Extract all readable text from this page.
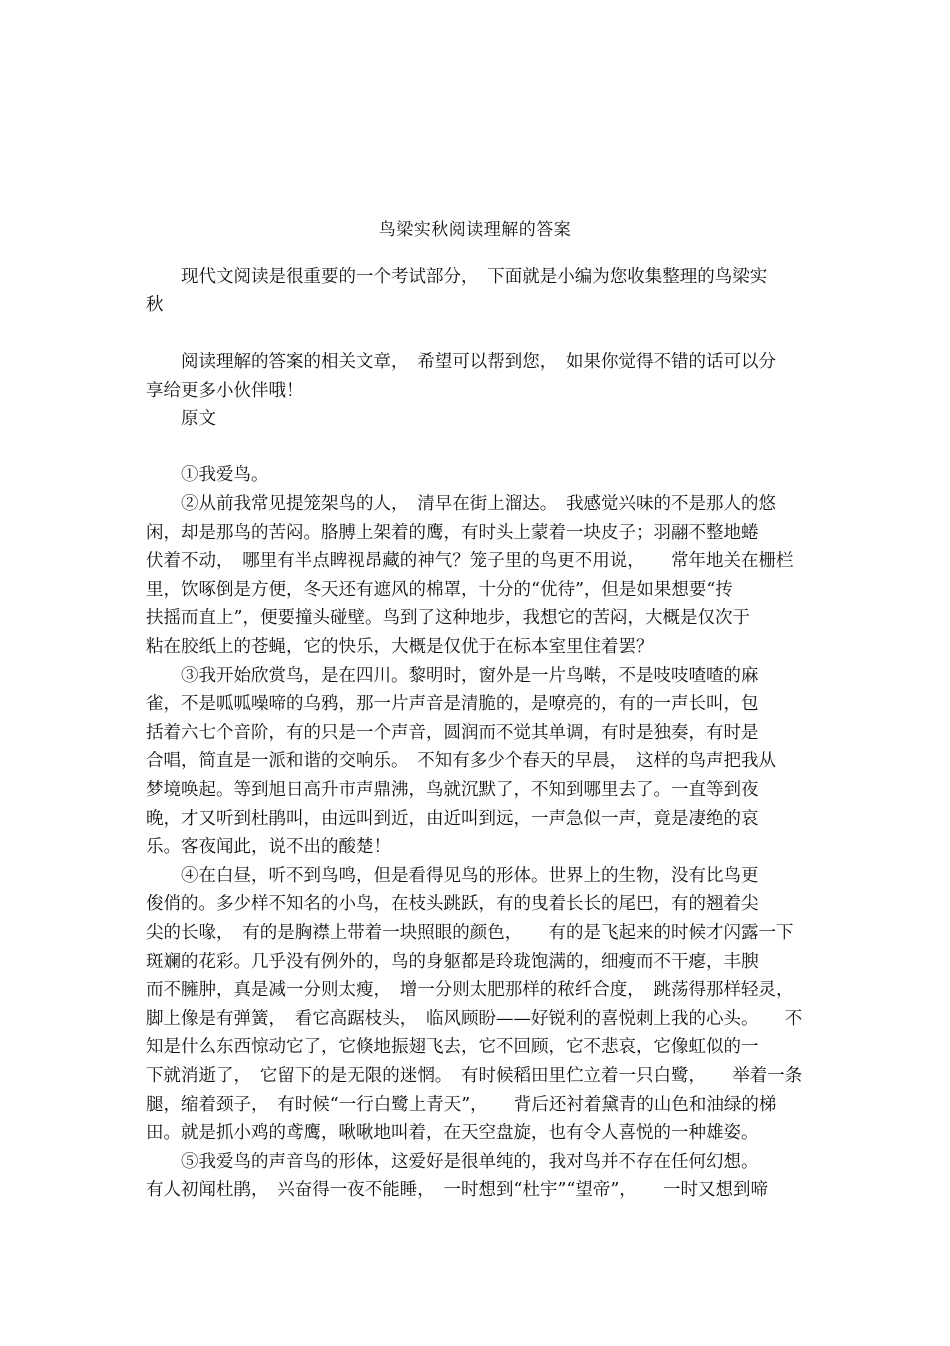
鸟梁实秋阅读理解的答案
　　现代文阅读是很重要的一个考试部分，　下面就是小编为您收集整理的鸟梁实
秋
　　阅读理解的答案的相关文章，　希望可以帮到您，　如果你觉得不错的话可以分
享给更多小伙伴哦！
　　原文
　　①我爱鸟。
　　②从前我常见提笼架鸟的人，　清早在街上溜达。　我感觉兴味的不是那人的悠
闲，却是那鸟的苦闷。胳膊上架着的鹰，有时头上蒙着一块皮子；羽翮不整地蜷
伏着不动，　哪里有半点睥视昂藏的神气？笼子里的鸟更不用说，　　常年地关在栅栏
里，饮啄倒是方便，冬天还有遮风的棉罩，十分的“优待”，但是如果想要“抟
扶摇而直上”，便要撞头碰壁。鸟到了这种地步，我想它的苦闷，大概是仅次于
粘在胶纸上的苍蝇，它的快乐，大概是仅优于在标本室里住着罢？
　　③我开始欣赏鸟，是在四川。黎明时，窗外是一片鸟啭，不是吱吱喳喳的麻
雀，不是呱呱噪啼的乌鸦，那一片声音是清脆的，是嘹亮的，有的一声长叫，包
括着六七个音阶，有的只是一个声音，圆润而不觉其单调，有时是独奏，有时是
合唱，简直是一派和谐的交响乐。　不知有多少个春天的早晨，　这样的鸟声把我从
梦境唤起。等到旭日高升市声鼎沸，鸟就沉默了，不知到哪里去了。一直等到夜
晚，才又听到杜鹃叫，由远叫到近，由近叫到远，一声急似一声，竟是凄绝的哀
乐。客夜闻此，说不出的酸楚！
　　④在白昼，听不到鸟鸣，但是看得见鸟的形体。世界上的生物，没有比鸟更
俊俏的。多少样不知名的小鸟，在枝头跳跃，有的曳着长长的尾巴，有的翘着尖
尖的长喙，　有的是胸襟上带着一块照眼的颜色，　　有的是飞起来的时候才闪露一下
斑斓的花彩。几乎没有例外的，鸟的身躯都是玲珑饱满的，细瘦而不干瘪，丰腴
而不臃肿，真是减一分则太瘦，　增一分则太肥那样的秾纤合度，　跳荡得那样轻灵，
脚上像是有弹簧，　看它高踞枝头，　临风顾盼——好锐利的喜悦刺上我的心头。　　不
知是什么东西惊动它了，它倏地振翅飞去，它不回顾，它不悲哀，它像虹似的一
下就消逝了，　它留下的是无限的迷惘。　有时候稻田里伫立着一只白鹭，　　举着一条
腿，缩着颈子，　有时候“一行白鹭上青天”，　　背后还衬着黛青的山色和油绿的梯
田。就是抓小鸡的鸢鹰，啾啾地叫着，在天空盘旋，也有令人喜悦的一种雄姿。
　　⑤我爱鸟的声音鸟的形体，这爱好是很单纯的，我对鸟并不存在任何幻想。
有人初闻杜鹃，　兴奋得一夜不能睡，　一时想到“杜宇”“望帝”，　　一时又想到啼
